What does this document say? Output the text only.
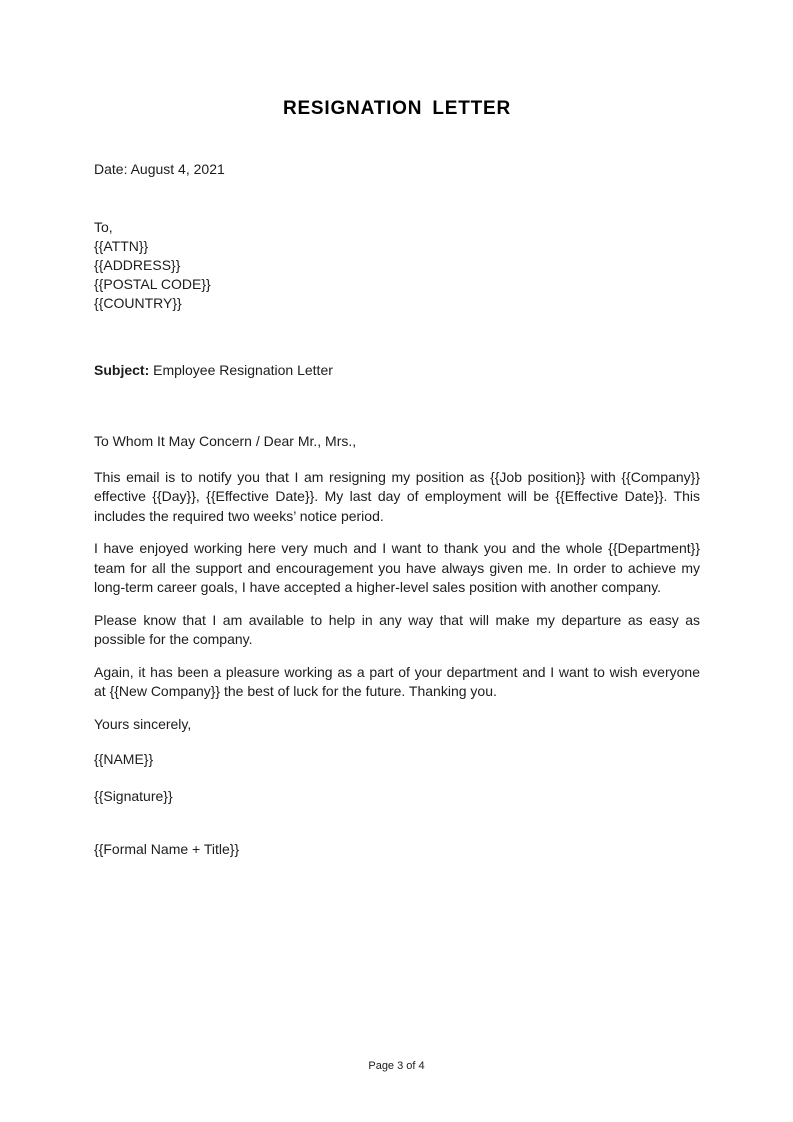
RESIGNATION LETTER
Date: August 4, 2021
To,
{{ATTN}}
{{ADDRESS}}
{{POSTAL CODE}}
{{COUNTRY}}
Subject: Employee Resignation Letter

To Whom It May Concern / Dear Mr., Mrs.,

This email is to notify you that I am resigning my position as {{Job position}} with {{Company}} effective {{Day}}, {{Effective Date}}. My last day of employment will be {{Effective Date}}. This includes the required two weeks’ notice period.

I have enjoyed working here very much and I want to thank you and the whole {{Department}} team for all the support and encouragement you have always given me. In order to achieve my long-term career goals, I have accepted a higher-level sales position with another company.

Please know that I am available to help in any way that will make my departure as easy as possible for the company.

Again, it has been a pleasure working as a part of your department and I want to wish everyone at {{New Company}} the best of luck for the future. Thanking you.

Yours sincerely,

{{NAME}}
{{Signature}}
{{Formal Name + Title}}
Page 3 of 4
